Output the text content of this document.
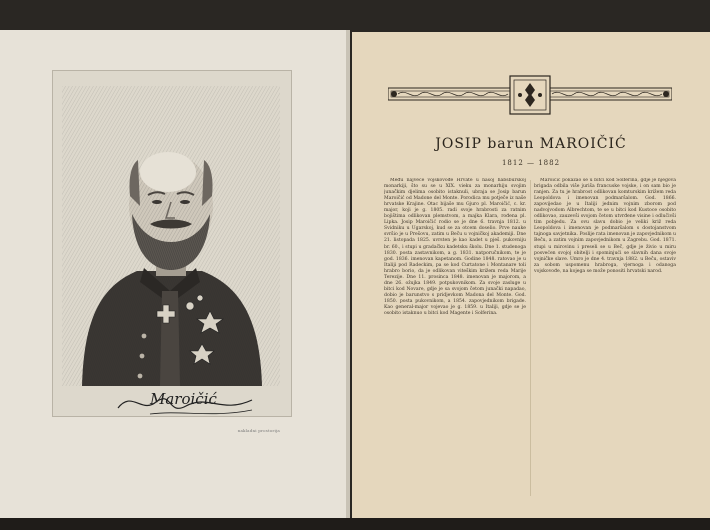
Maroičić
nakladni prostorija
JOSIP barun MAROIČIĆ
1812 — 1882

Među najveće vojskovođe Hrvate u našoj habsburškoj monarkiji, što su se u XIX. vieku za monarhiju svojim junačkim djelima osobito istaknuli, ubraja se Josip barun Maroičić od Madone del Monte. Porodica mu potječe iz naše hrvatske Krajine. Otac bijaše mu Gjuro pl. Maroičić, c. kr. major, koji je g. 1805. radi svoje hrabrosti za ratnim bojištima odlikovan plemstvom, a majka Klara, rođena pl. Lipka. Josip Maroičić rodio se je dne 6. travnja 1812. u Svidniku u Ugarskoj, kud se za otcem doselio. Prve nauke svršio je u Prešovu, zatim u Beču u vojničkoj akademiji. Dne 21. listopada 1825. uvrsten je kao kadet u pješ. pukovniju br. 60., i stupi u gradačku kadetsku školu. Dne 1. studenoga 1830. posta zastavnikom, a g. 1831. natporučnikom, te je god. 1836. imenovan kapetanom. Godine 1848. ratovao je u Italiji pod Radeckim, pa se kod Curtatone i Montanare toli hrabro borio, da je odlikovan viteškim križem reda Marije Terezije. Dne 11. prosinca 1848. imenovan je majorom, a dne 26. ožujka 1849. potpukovnikom. Za svoje zasluge u bitci kod Novare, gdje je sa svojom četom junački napadao, dobio je barunstvo s pridjevkom Madona del Monte. God. 1850. posta pukovnikom, a 1854. zapovjednikom brigade. Kao general-major vojevao je g. 1859. u Italiji, gdje se je osobito istaknuo u bitci kod Magente i Solferina.

Maroičić pokazao se u bitci kod Solferina, gdje je njegova brigada odbila više juriša francuske vojske, i on sam bio je ranjen. Za tu je hrabrost odlikovan komturskim križem reda Leopoldova i imenovan podmaršalom. God. 1866. zapovijedao je u Italiji jednim vojnim zborom pod nadvojvodom Albrechtom, te se u bitci kod Kustoce osobito odlikovao, zauzevši svojom četom utvrđene visine i odlučivši tim pobjedu. Za ovu slavu dobio je veliki križ reda Leopoldova i imenovan je podmaršalom s dostojanstvom tajnoga savjetnika. Poslije rata imenovan je zapovjednikom u Beču, a zatim vojnim zapovjednikom u Zagrebu. God. 1871. stupi u mirovinu i preseli se u Beč, gdje je živio u miru posvećen svojoj obitelji i spominjući se slavnih dana svoje vojničke slave. Umro je dne 4. travnja 1882. u Beču, ostaviv za sobom uspomenu hrabroga, vjernoga i odanoga vojskovođe, na kojega se može ponositi hrvatski narod.
